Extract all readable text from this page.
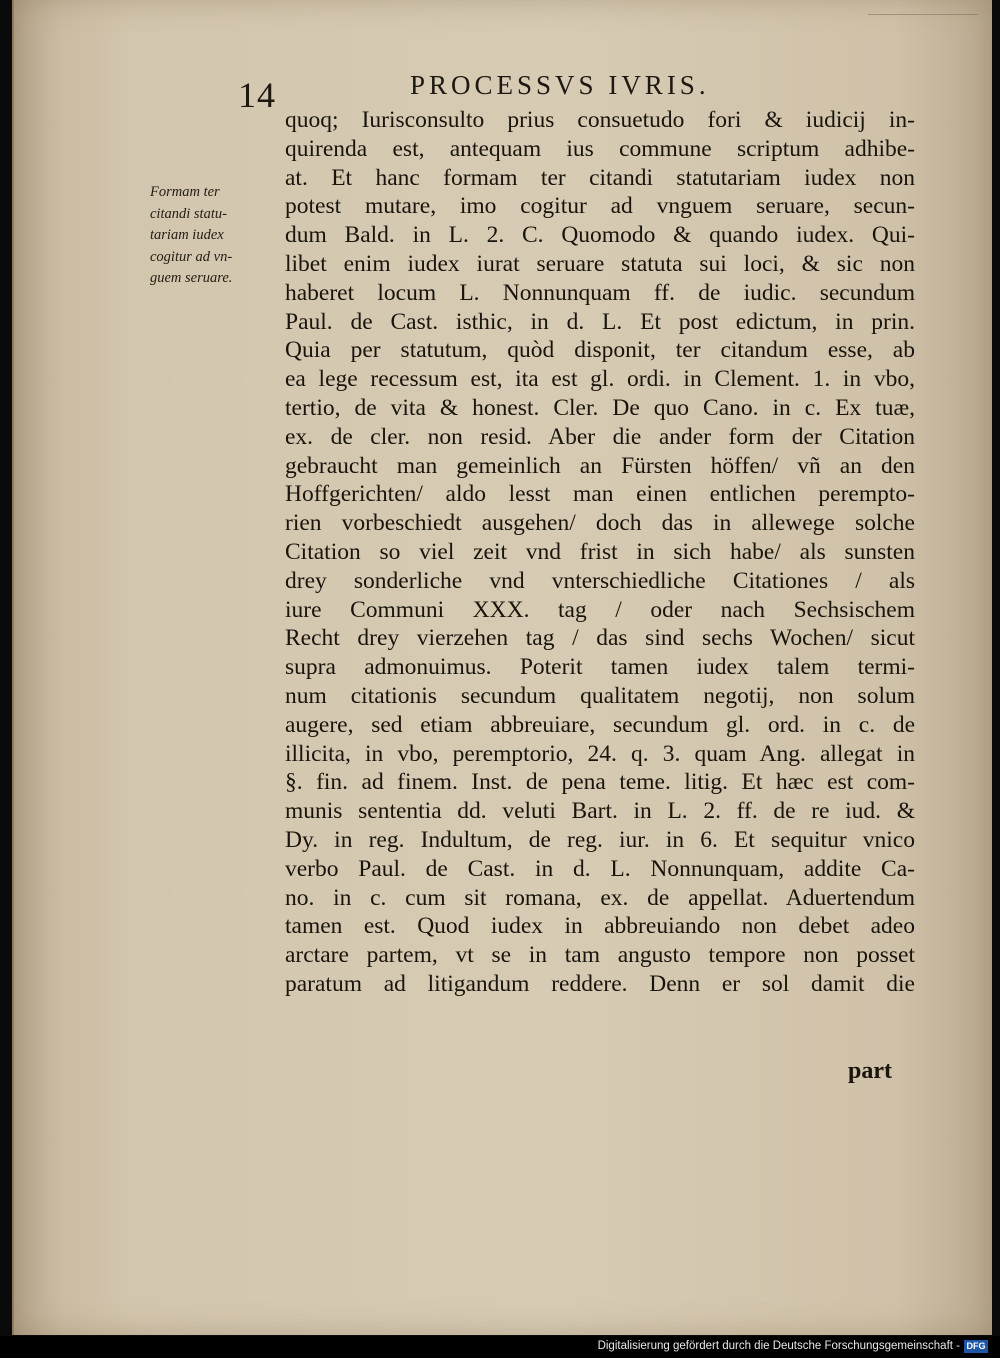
14	PROCESSVS IVRIS.
Formam ter
citandi statu-
tariam iudex
cogitur ad vn-
guem seruare.
quoq; Iurisconsulto prius consuetudo fori & iudicij in-
quirenda est, antequam ius commune scriptum adhibe-
at. Et hanc formam ter citandi statutariam iudex non
potest mutare, imo cogitur ad vnguem seruare, secun-
dum Bald. in L. 2. C. Quomodo & quando iudex. Qui-
libet enim iudex iurat seruare statuta sui loci, & sic non
haberet locum L. Nonnunquam ff. de iudic. secundum
Paul. de Cast. isthic, in d. L. Et post edictum, in prin.
Quia per statutum, quòd disponit, ter citandum esse, ab
ea lege recessum est, ita est gl. ordi. in Clement. 1. in vbo,
tertio, de vita & honest. Cler. De quo Cano. in c. Ex tuæ,
ex. de cler. non resid. Aber die ander form der Citation
gebraucht man gemeinlich an Fürsten höffen/ vñ an den
Hoffgerichten/ aldo lesst man einen entlichen perempto-
rien vorbeschiedt ausgehen/ doch das in allewege solche
Citation so viel zeit vnd frist in sich habe/ als sunsten
drey sonderliche vnd vnterschiedliche Citationes / als
iure Communi XXX. tag / oder nach Sechsischem
Recht drey vierzehen tag / das sind sechs Wochen/ sicut
supra admonuimus. Poterit tamen iudex talem termi-
num citationis secundum qualitatem negotij, non solum
augere, sed etiam abbreuiare, secundum gl. ord. in c. de
illicita, in vbo, peremptorio, 24. q. 3. quam Ang. allegat in
§. fin. ad finem. Inst. de pena teme. litig. Et hæc est com-
munis sententia dd. veluti Bart. in L. 2. ff. de re iud. &
Dy. in reg. Indultum, de reg. iur. in 6. Et sequitur vnico
verbo Paul. de Cast. in d. L. Nonnunquam, addite Ca-
no. in c. cum sit romana, ex. de appellat. Aduertendum
tamen est. Quod iudex in abbreuiando non debet adeo
arctare partem, vt se in tam angusto tempore non posset
paratum ad litigandum reddere. Denn er sol damit die
part
Digitalisierung gefördert durch die Deutsche Forschungsgemeinschaft - DFG
